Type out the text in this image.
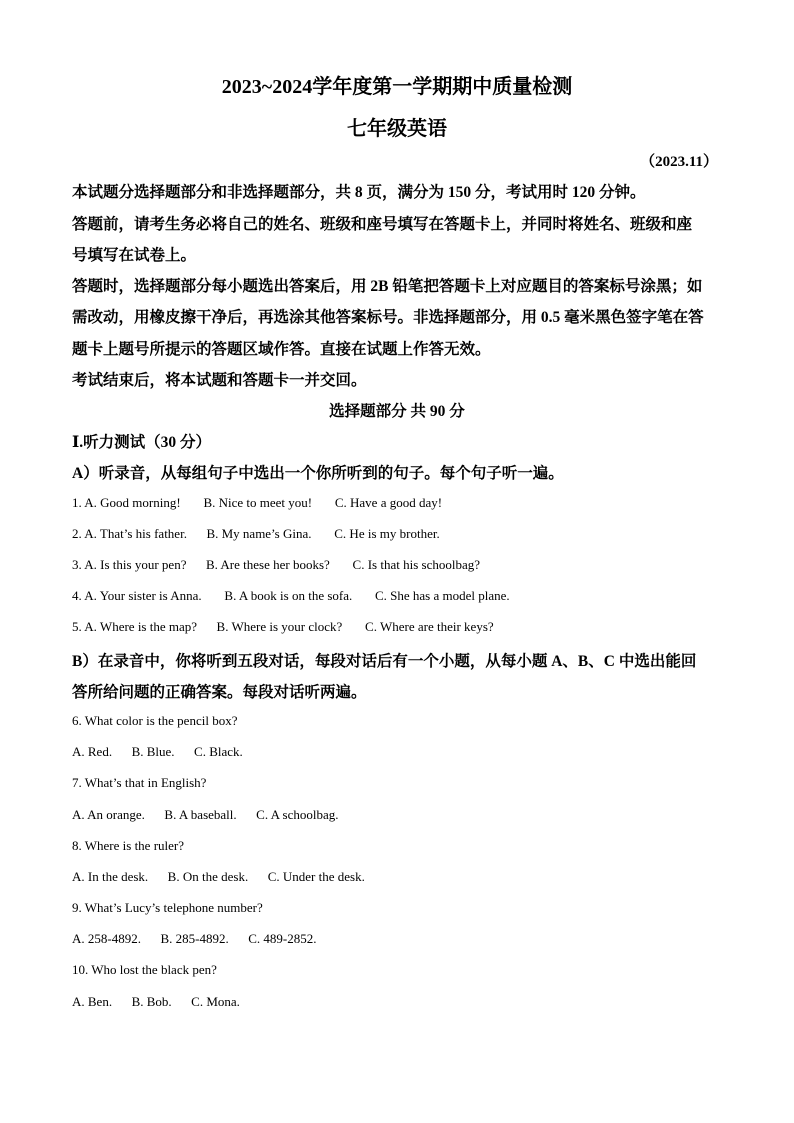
2023~2024学年度第一学期期中质量检测
七年级英语
（2023.11）
本试题分选择题部分和非选择题部分，共 8 页，满分为 150 分，考试用时 120 分钟。
答题前，请考生务必将自己的姓名、班级和座号填写在答题卡上，并同时将姓名、班级和座
号填写在试卷上。
答题时，选择题部分每小题选出答案后，用 2B 铅笔把答题卡上对应题目的答案标号涂黑；如
需改动，用橡皮擦干净后，再选涂其他答案标号。非选择题部分，用 0.5 毫米黑色签字笔在答
题卡上题号所提示的答题区域作答。直接在试题上作答无效。
考试结束后，将本试题和答题卡一并交回。
选择题部分 共 90 分
Ⅰ.听力测试（30 分）
A）听录音，从每组句子中选出一个你所听到的句子。每个句子听一遍。
1. A. Good morning!       B. Nice to meet you!       C. Have a good day!
2. A. That’s his father.      B. My name’s Gina.       C. He is my brother.
3. A. Is this your pen?      B. Are these her books?       C. Is that his schoolbag?
4. A. Your sister is Anna.       B. A book is on the sofa.       C. She has a model plane.
5. A. Where is the map?      B. Where is your clock?       C. Where are their keys?
B）在录音中，你将听到五段对话，每段对话后有一个小题，从每小题 A、B、C 中选出能回
答所给问题的正确答案。每段对话听两遍。
6. What color is the pencil box?
A. Red.      B. Blue.      C. Black.
7. What’s that in English?
A. An orange.      B. A baseball.      C. A schoolbag.
8. Where is the ruler?
A. In the desk.      B. On the desk.      C. Under the desk.
9. What’s Lucy’s telephone number?
A. 258-4892.      B. 285-4892.      C. 489-2852.
10. Who lost the black pen?
A. Ben.      B. Bob.      C. Mona.
